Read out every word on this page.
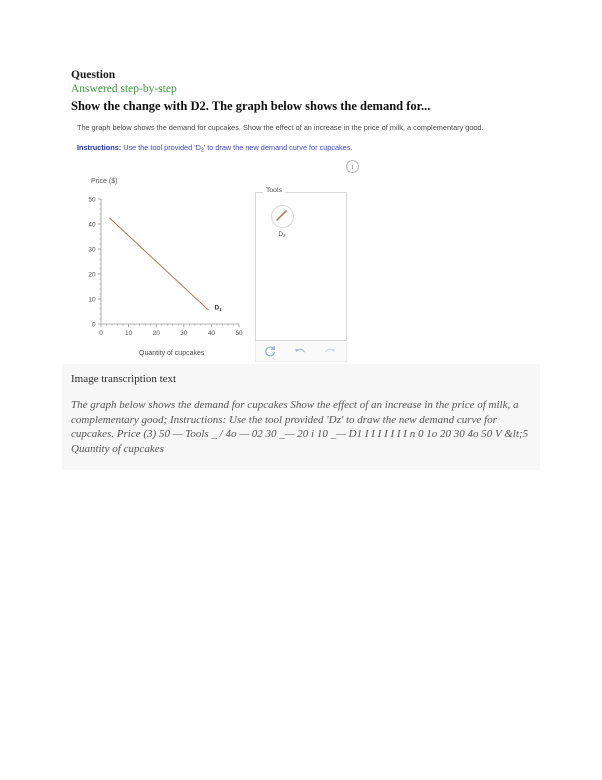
Question

Answered step-by-step

Show the change with D2. The graph below shows the demand for...

The graph below shows the demand for cupcakes. Show the effect of an increase in the price of milk, a complementary good.

Instructions: Use the tool provided '$D_2$' to draw the new demand curve for cupcakes.

i
Price ($)
0
10
20
30
40
50
0	10	20	30	40	50
D 1
Quantity of cupcakes
Tools
$D_2$

Image transcription text

The graph below shows the demand for cupcakes Show the effect of an increase in the price of milk, a complementary good; Instructions: Use the tool provided 'Dz' to draw the new demand curve for cupcakes. Price (3) 50 — Tools _ / 4o — 02 30 _— 20 i 10 _— D1 I I I I I I I n 0 1o 20 30 4o 50 V &lt;5 Quantity of cupcakes
